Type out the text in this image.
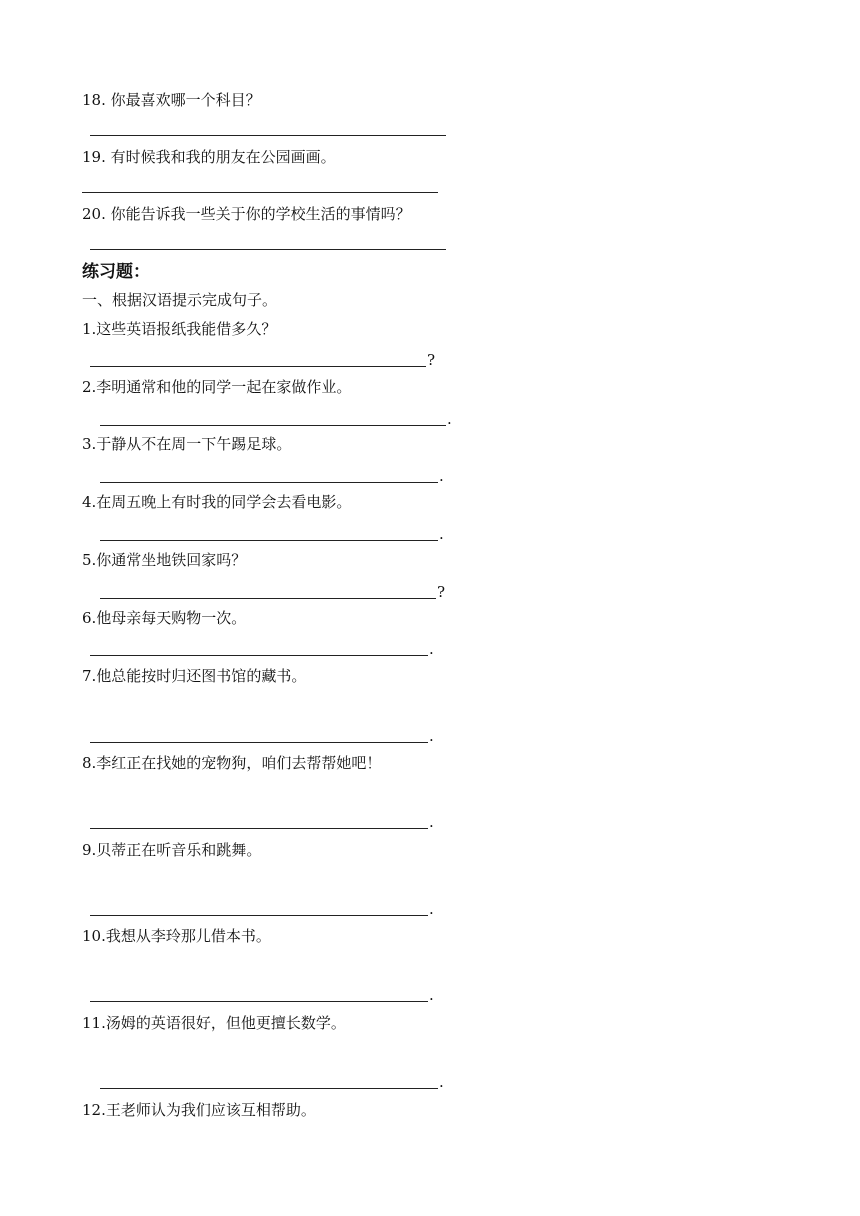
18. 你最喜欢哪一个科目？
19. 有时候我和我的朋友在公园画画。
20. 你能告诉我一些关于你的学校生活的事情吗？
练习题：
一、根据汉语提示完成句子。
1.这些英语报纸我能借多久？
?
2.李明通常和他的同学一起在家做作业。
.
3.于静从不在周一下午踢足球。
.
4.在周五晚上有时我的同学会去看电影。
.
5.你通常坐地铁回家吗？
?
6.他母亲每天购物一次。
.
7.他总能按时归还图书馆的藏书。
.
8.李红正在找她的宠物狗，咱们去帮帮她吧！
.
9.贝蒂正在听音乐和跳舞。
.
10.我想从李玲那儿借本书。
.
11.汤姆的英语很好，但他更擅长数学。
.
12.王老师认为我们应该互相帮助。
